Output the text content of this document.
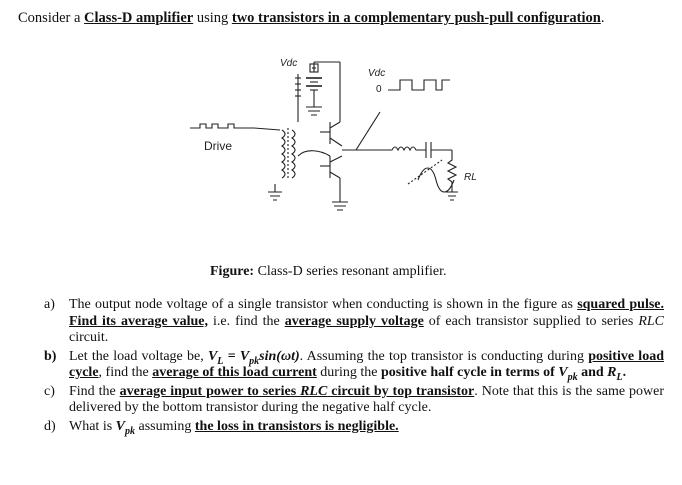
Consider a Class-D amplifier using two transistors in a complementary push-pull configuration.
Vdc
Vdc
0
Drive
RL
Figure: Class-D series resonant amplifier.
a) The output node voltage of a single transistor when conducting is shown in the figure as squared pulse. Find its average value, i.e. find the average supply voltage of each transistor supplied to series RLC circuit.
b) Let the load voltage be, $V_L = V_{pk}\sin(\omega t)$. Assuming the top transistor is conducting during positive load cycle, find the average of this load current during the positive half cycle in terms of $V_{pk}$ and $R_L$.
c) Find the average input power to series RLC circuit by top transistor. Note that this is the same power delivered by the bottom transistor during the negative half cycle.
d) What is $V_{pk}$ assuming the loss in transistors is negligible.
